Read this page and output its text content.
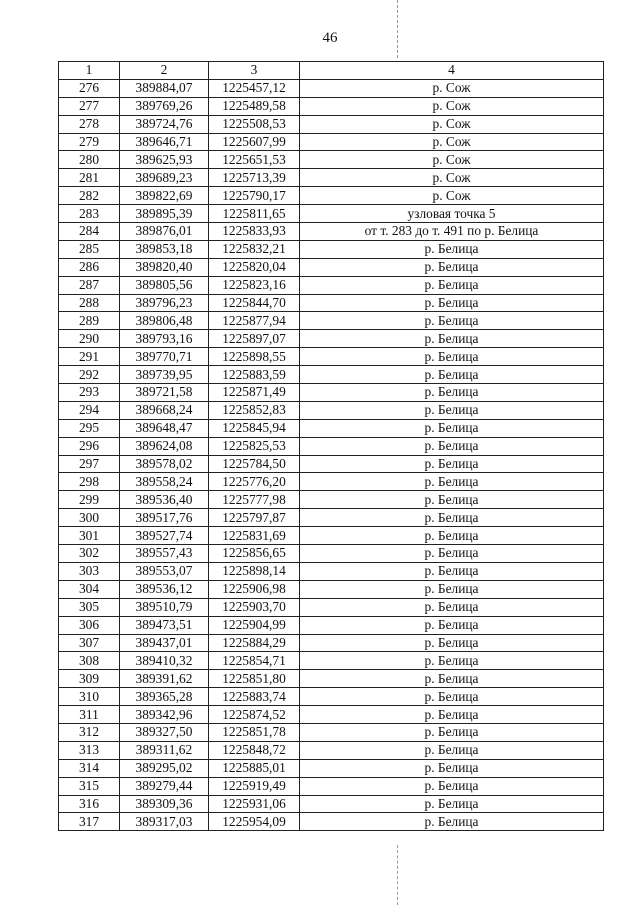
46
1	2	3	4
276	389884,07	1225457,12	р. Сож
277	389769,26	1225489,58	р. Сож
278	389724,76	1225508,53	р. Сож
279	389646,71	1225607,99	р. Сож
280	389625,93	1225651,53	р. Сож
281	389689,23	1225713,39	р. Сож
282	389822,69	1225790,17	р. Сож
283	389895,39	1225811,65	узловая точка 5
284	389876,01	1225833,93	от т. 283 до т. 491 по р. Белица
285	389853,18	1225832,21	р. Белица
286	389820,40	1225820,04	р. Белица
287	389805,56	1225823,16	р. Белица
288	389796,23	1225844,70	р. Белица
289	389806,48	1225877,94	р. Белица
290	389793,16	1225897,07	р. Белица
291	389770,71	1225898,55	р. Белица
292	389739,95	1225883,59	р. Белица
293	389721,58	1225871,49	р. Белица
294	389668,24	1225852,83	р. Белица
295	389648,47	1225845,94	р. Белица
296	389624,08	1225825,53	р. Белица
297	389578,02	1225784,50	р. Белица
298	389558,24	1225776,20	р. Белица
299	389536,40	1225777,98	р. Белица
300	389517,76	1225797,87	р. Белица
301	389527,74	1225831,69	р. Белица
302	389557,43	1225856,65	р. Белица
303	389553,07	1225898,14	р. Белица
304	389536,12	1225906,98	р. Белица
305	389510,79	1225903,70	р. Белица
306	389473,51	1225904,99	р. Белица
307	389437,01	1225884,29	р. Белица
308	389410,32	1225854,71	р. Белица
309	389391,62	1225851,80	р. Белица
310	389365,28	1225883,74	р. Белица
311	389342,96	1225874,52	р. Белица
312	389327,50	1225851,78	р. Белица
313	389311,62	1225848,72	р. Белица
314	389295,02	1225885,01	р. Белица
315	389279,44	1225919,49	р. Белица
316	389309,36	1225931,06	р. Белица
317	389317,03	1225954,09	р. Белица
